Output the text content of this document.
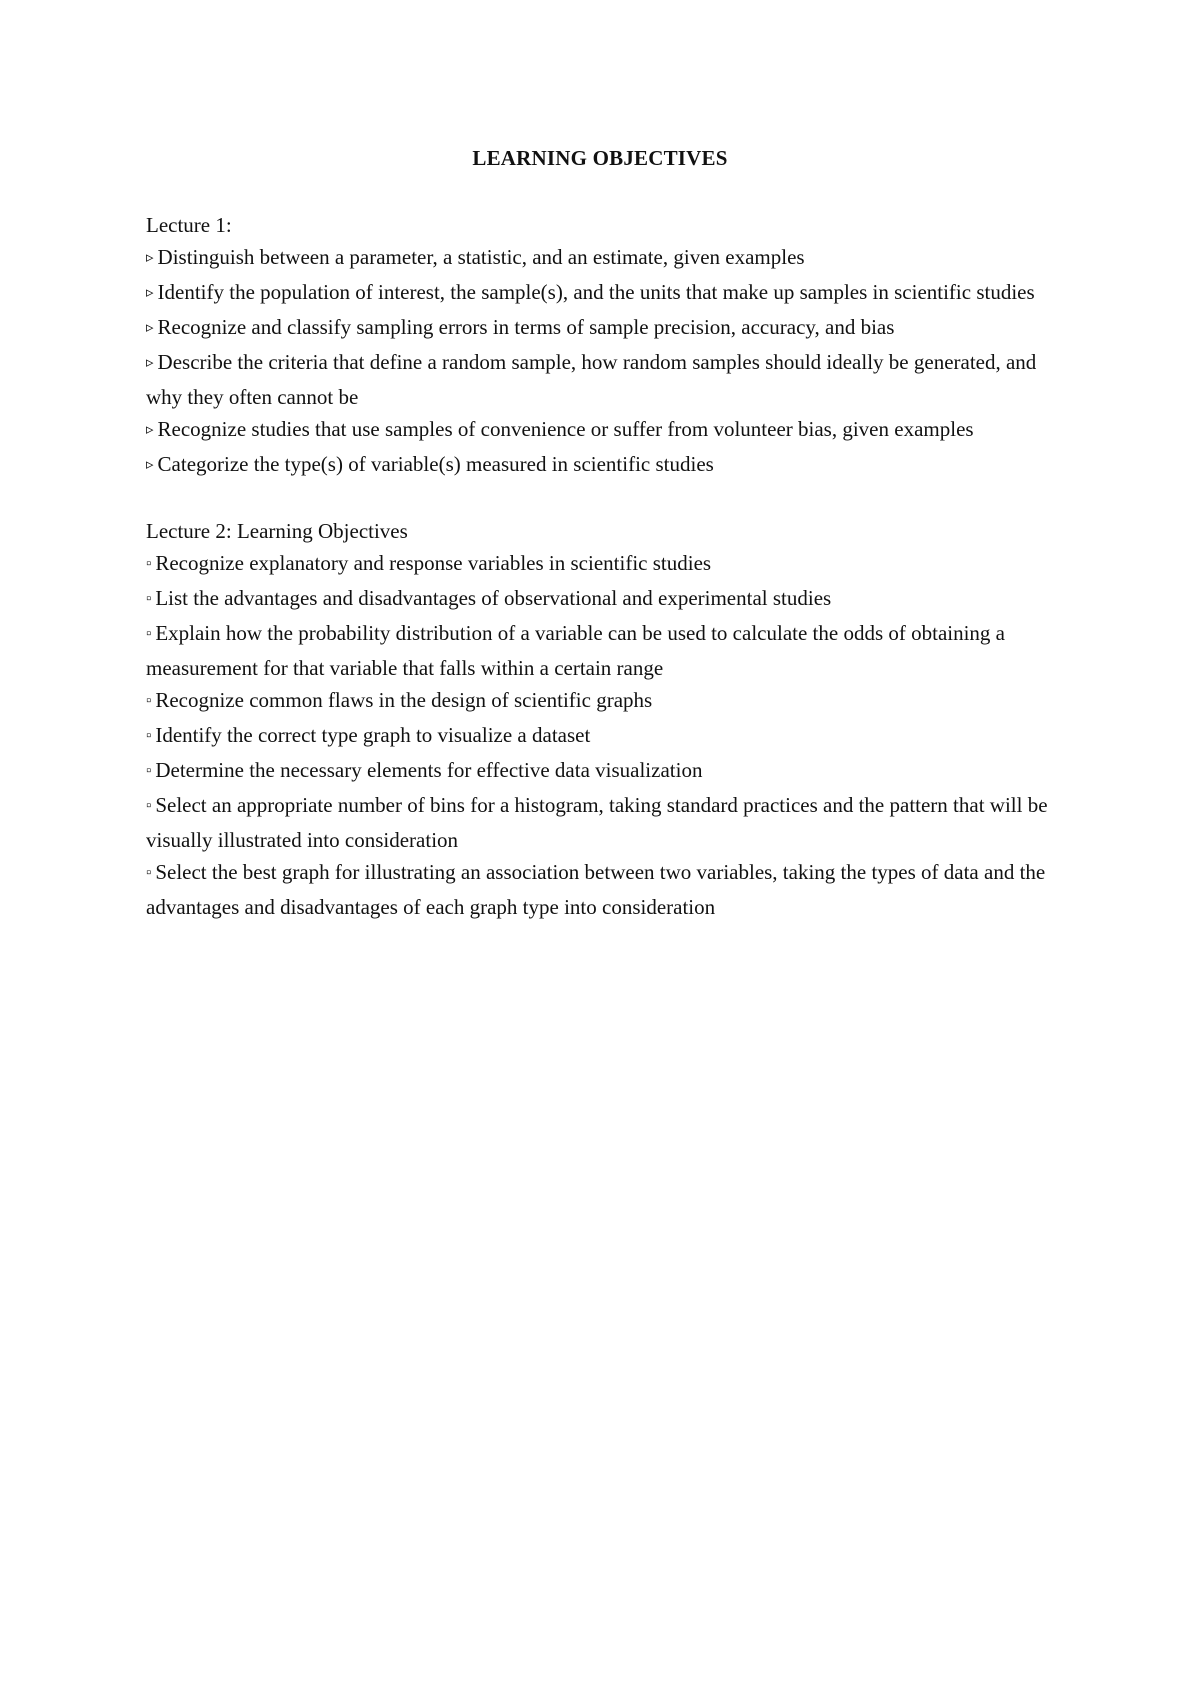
LEARNING OBJECTIVES
Lecture 1:
▹ Distinguish between a parameter, a statistic, and an estimate, given examples
▹ Identify the population of interest, the sample(s), and the units that make up samples in scientific studies
▹ Recognize and classify sampling errors in terms of sample precision, accuracy, and bias
▹ Describe the criteria that define a random sample, how random samples should ideally be generated, and why they often cannot be
▹ Recognize studies that use samples of convenience or suffer from volunteer bias, given examples
▹ Categorize the type(s) of variable(s) measured in scientific studies
Lecture 2: Learning Objectives
▫ Recognize explanatory and response variables in scientific studies
▫ List the advantages and disadvantages of observational and experimental studies
▫ Explain how the probability distribution of a variable can be used to calculate the odds of obtaining a measurement for that variable that falls within a certain range
▫ Recognize common flaws in the design of scientific graphs
▫ Identify the correct type graph to visualize a dataset
▫ Determine the necessary elements for effective data visualization
▫ Select an appropriate number of bins for a histogram, taking standard practices and the pattern that will be visually illustrated into consideration
▫ Select the best graph for illustrating an association between two variables, taking the types of data and the advantages and disadvantages of each graph type into consideration
